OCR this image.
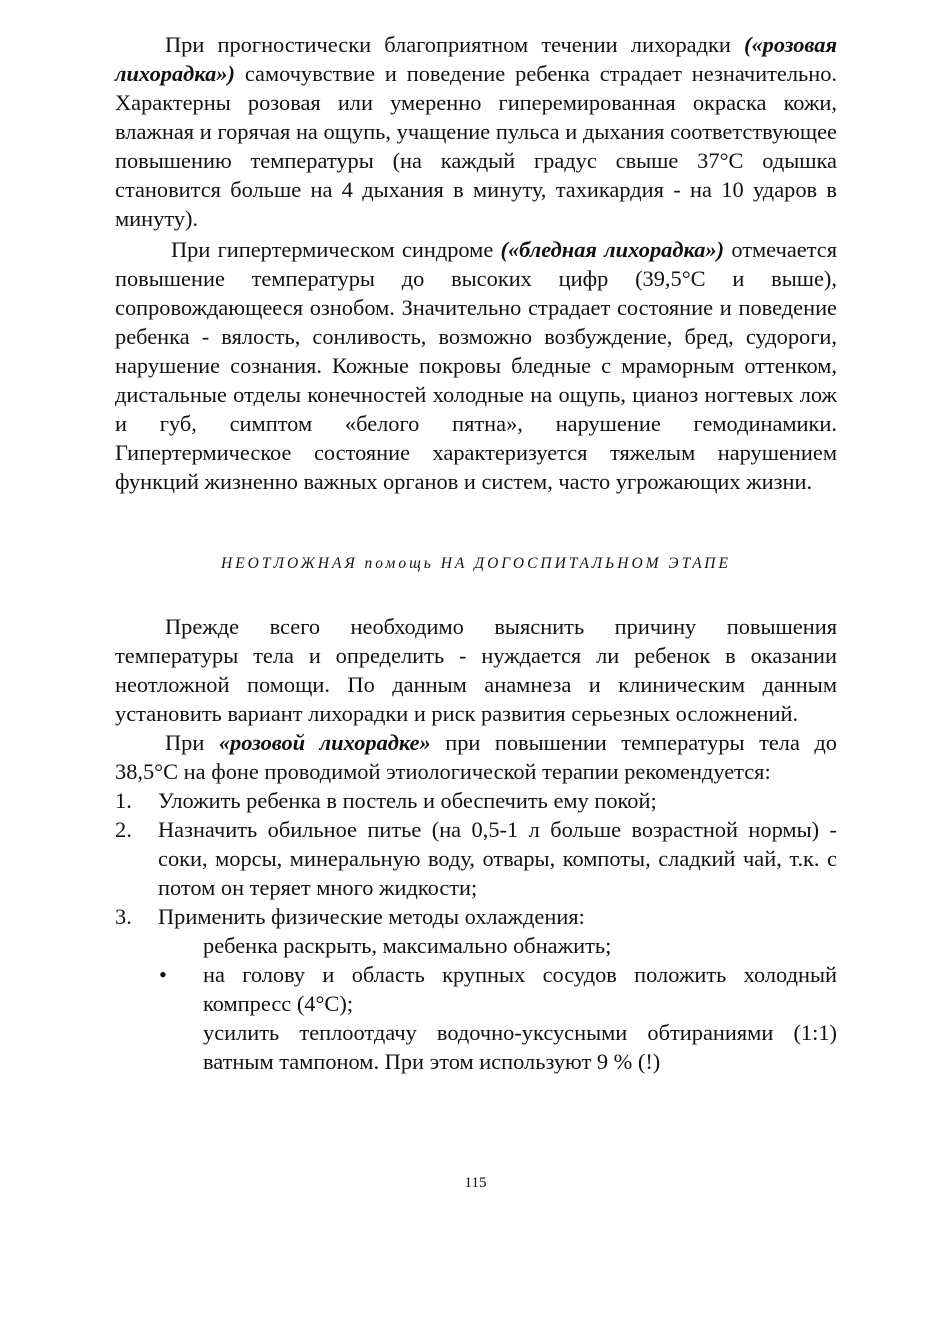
При прогностически благоприятном течении лихорадки («розовая лихорадка») самочувствие и поведение ребенка страдает незначительно. Характерны розовая или умеренно гиперемированная окраска кожи, влажная и горячая на ощупь, учащение пульса и дыхания соответствующее повышению температуры (на каждый градус свыше 37°С одышка становится больше на 4 дыхания в минуту, тахикардия - на 10 ударов в минуту).

При гипертермическом синдроме («бледная лихорадка») отмечается повышение температуры до высоких цифр (39,5°С и выше), сопровождающееся ознобом. Значительно страдает состояние и поведение ребенка - вялость, сонливость, возможно возбуждение, бред, судороги, нарушение сознания. Кожные покровы бледные с мраморным оттенком, дистальные отделы конечностей холодные на ощупь, цианоз ногтевых лож и губ, симптом «белого пятна», нарушение гемодинамики. Гипертермическое состояние характеризуется тяжелым нарушением функций жизненно важных органов и систем, часто угрожающих жизни.

НЕОТЛОЖНАЯ помощь НА ДОГОСПИТАЛЬНОМ ЭТАПЕ

Прежде всего необходимо выяснить причину повышения температуры тела и определить - нуждается ли ребенок в оказании неотложной помощи. По данным анамнеза и клиническим данным установить вариант лихорадки и риск развития серьезных осложнений.

При «розовой лихорадке» при повышении температуры тела до 38,5°С на фоне проводимой этиологической терапии рекомендуется:

1. Уложить ребенка в постель и обеспечить ему покой;
2. Назначить обильное питье (на 0,5-1 л больше возрастной нормы) - соки, морсы, минеральную воду, отвары, компоты, сладкий чай, т.к. с потом он теряет много жидкости;
3. Применить физические методы охлаждения:
ребенка раскрыть, максимально обнажить;
• на голову и область крупных сосудов положить холодный компресс (4°С);
усилить теплоотдачу водочно-уксусными обтираниями (1:1) ватным тампоном. При этом используют 9 % (!)
115
